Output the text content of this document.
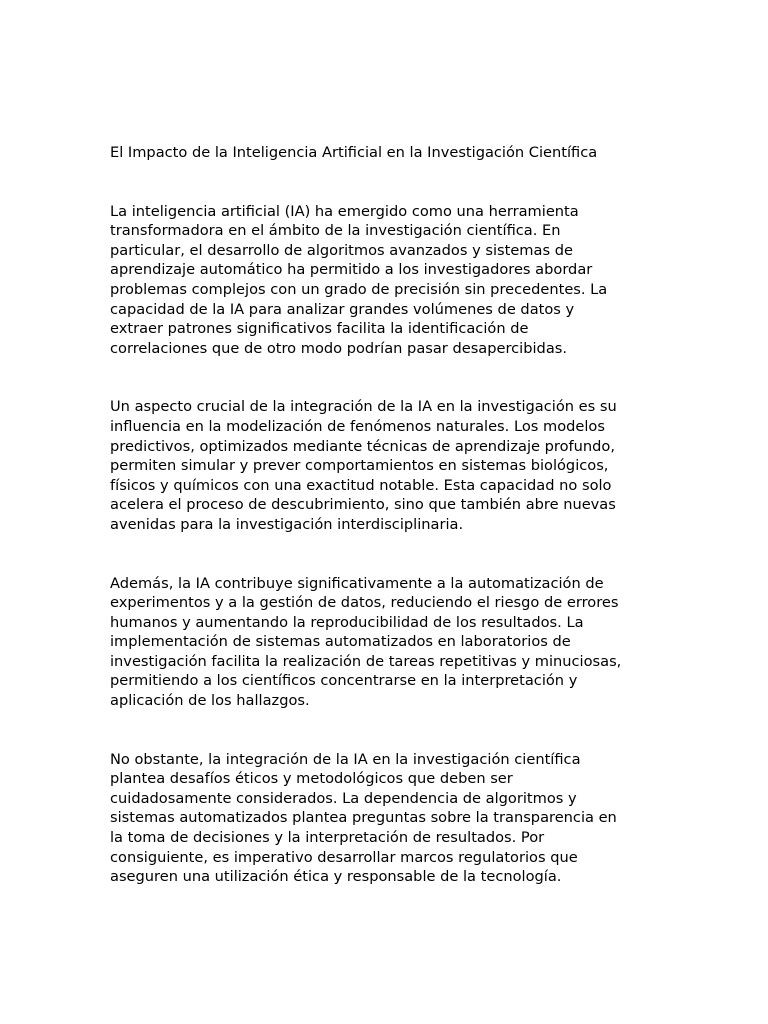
El Impacto de la Inteligencia Artificial en la Investigación Científica

La inteligencia artificial (IA) ha emergido como una herramienta
transformadora en el ámbito de la investigación científica. En
particular, el desarrollo de algoritmos avanzados y sistemas de
aprendizaje automático ha permitido a los investigadores abordar
problemas complejos con un grado de precisión sin precedentes. La
capacidad de la IA para analizar grandes volúmenes de datos y
extraer patrones significativos facilita la identificación de
correlaciones que de otro modo podrían pasar desapercibidas.

Un aspecto crucial de la integración de la IA en la investigación es su
influencia en la modelización de fenómenos naturales. Los modelos
predictivos, optimizados mediante técnicas de aprendizaje profundo,
permiten simular y prever comportamientos en sistemas biológicos,
físicos y químicos con una exactitud notable. Esta capacidad no solo
acelera el proceso de descubrimiento, sino que también abre nuevas
avenidas para la investigación interdisciplinaria.

Además, la IA contribuye significativamente a la automatización de
experimentos y a la gestión de datos, reduciendo el riesgo de errores
humanos y aumentando la reproducibilidad de los resultados. La
implementación de sistemas automatizados en laboratorios de
investigación facilita la realización de tareas repetitivas y minuciosas,
permitiendo a los científicos concentrarse en la interpretación y
aplicación de los hallazgos.

No obstante, la integración de la IA en la investigación científica
plantea desafíos éticos y metodológicos que deben ser
cuidadosamente considerados. La dependencia de algoritmos y
sistemas automatizados plantea preguntas sobre la transparencia en
la toma de decisiones y la interpretación de resultados. Por
consiguiente, es imperativo desarrollar marcos regulatorios que
aseguren una utilización ética y responsable de la tecnología.
